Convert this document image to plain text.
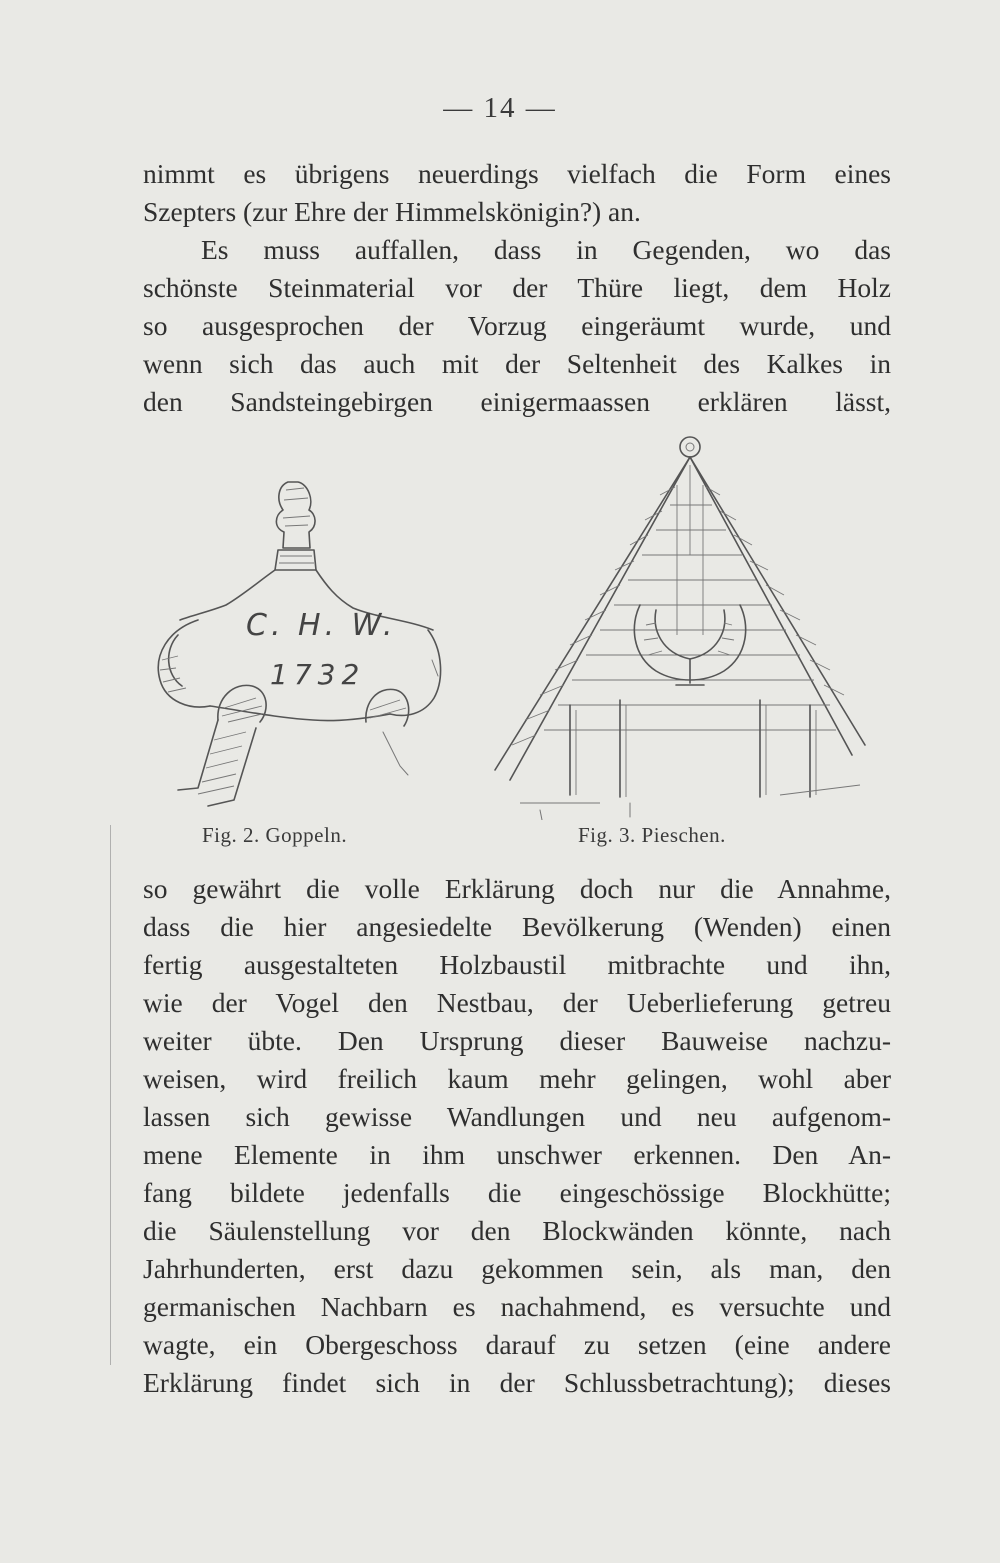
— 14 —
nimmt es übrigens neuerdings vielfach die Form eines
Szepters (zur Ehre der Himmelskönigin?) an.
Es muss auffallen, dass in Gegenden, wo das
schönste Steinmaterial vor der Thüre liegt, dem Holz
so ausgesprochen der Vorzug eingeräumt wurde, und
wenn sich das auch mit der Seltenheit des Kalkes in
den Sandsteingebirgen einigermaassen erklären lässt,
C. H. W.
1732
Fig. 2. Goppeln.	Fig. 3. Pieschen.
so gewährt die volle Erklärung doch nur die Annahme,
dass die hier angesiedelte Bevölkerung (Wenden) einen
fertig ausgestalteten Holzbaustil mitbrachte und ihn,
wie der Vogel den Nestbau, der Ueberlieferung getreu
weiter übte. Den Ursprung dieser Bauweise nachzu-
weisen, wird freilich kaum mehr gelingen, wohl aber
lassen sich gewisse Wandlungen und neu aufgenom-
mene Elemente in ihm unschwer erkennen. Den An-
fang bildete jedenfalls die eingeschössige Blockhütte;
die Säulenstellung vor den Blockwänden könnte, nach
Jahrhunderten, erst dazu gekommen sein, als man, den
germanischen Nachbarn es nachahmend, es versuchte und
wagte, ein Obergeschoss darauf zu setzen (eine andere
Erklärung findet sich in der Schlussbetrachtung); dieses
